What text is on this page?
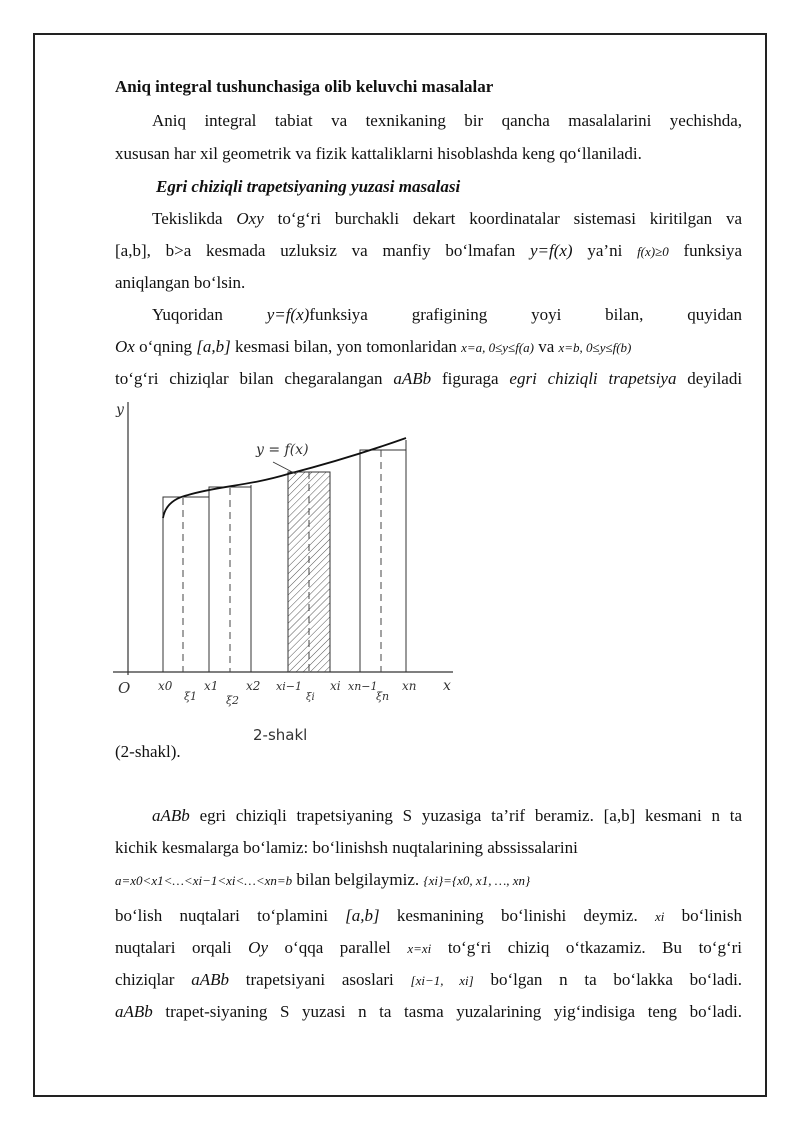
Aniq integral tushunchasiga olib keluvchi masalalar
Aniq integral tabiat va texnikaning bir qancha masalalarini yechishda,
xususan har xil geometrik va fizik kattaliklarni hisoblashda keng qo‘llaniladi.
Egri chiziqli trapetsiyaning yuzasi masalasi
Tekislikda Oxy to‘g‘ri burchakli dekart koordinatalar sistemasi kiritilgan va
[a,b], b>a kesmada uzluksiz va manfiy bo‘lmafan y=f(x) ya’ni f(x)≥0 funksiya
aniqlangan bo‘lsin.
Yuqoridan	y=f(x)funksiya grafigining yoyi bilan, quyidan
Ox o‘qning [a,b] kesmasi bilan, yon tomonlaridan x=a, 0≤y≤f(a) va x=b, 0≤y≤f(b)
to‘g‘ri chiziqlar bilan chegaralangan aABb figuraga egri chiziqli trapetsiya deyiladi
y
x
O
y = f(x)
x0	x1 x2 xi−1 xi xn−1 xn
ξ1	ξ2	ξi	ξn
2-shakl
(2-shakl).
aABb egri chiziqli trapetsiyaning S yuzasiga ta’rif beramiz. [a,b] kesmani n ta
kichik kesmalarga bo‘lamiz: bo‘linishsh nuqtalarining abssissalarini
a=x0<x1<…<xi−1<xi<…<xn=b bilan belgilaymiz. {xi}={x0, x1, …, xn}
bo‘lish nuqtalari to‘plamini [a,b] kesmanining bo‘linishi deymiz. xi bo‘linish
nuqtalari orqali Oy o‘qqa parallel x=xi to‘g‘ri chiziq o‘tkazamiz. Bu to‘g‘ri
chiziqlar aABb trapetsiyani asoslari [xi−1, xi] bo‘lgan n ta bo‘lakka bo‘ladi.
aABb trapet-siyaning S yuzasi n ta tasma yuzalarining yig‘indisiga teng bo‘ladi.
